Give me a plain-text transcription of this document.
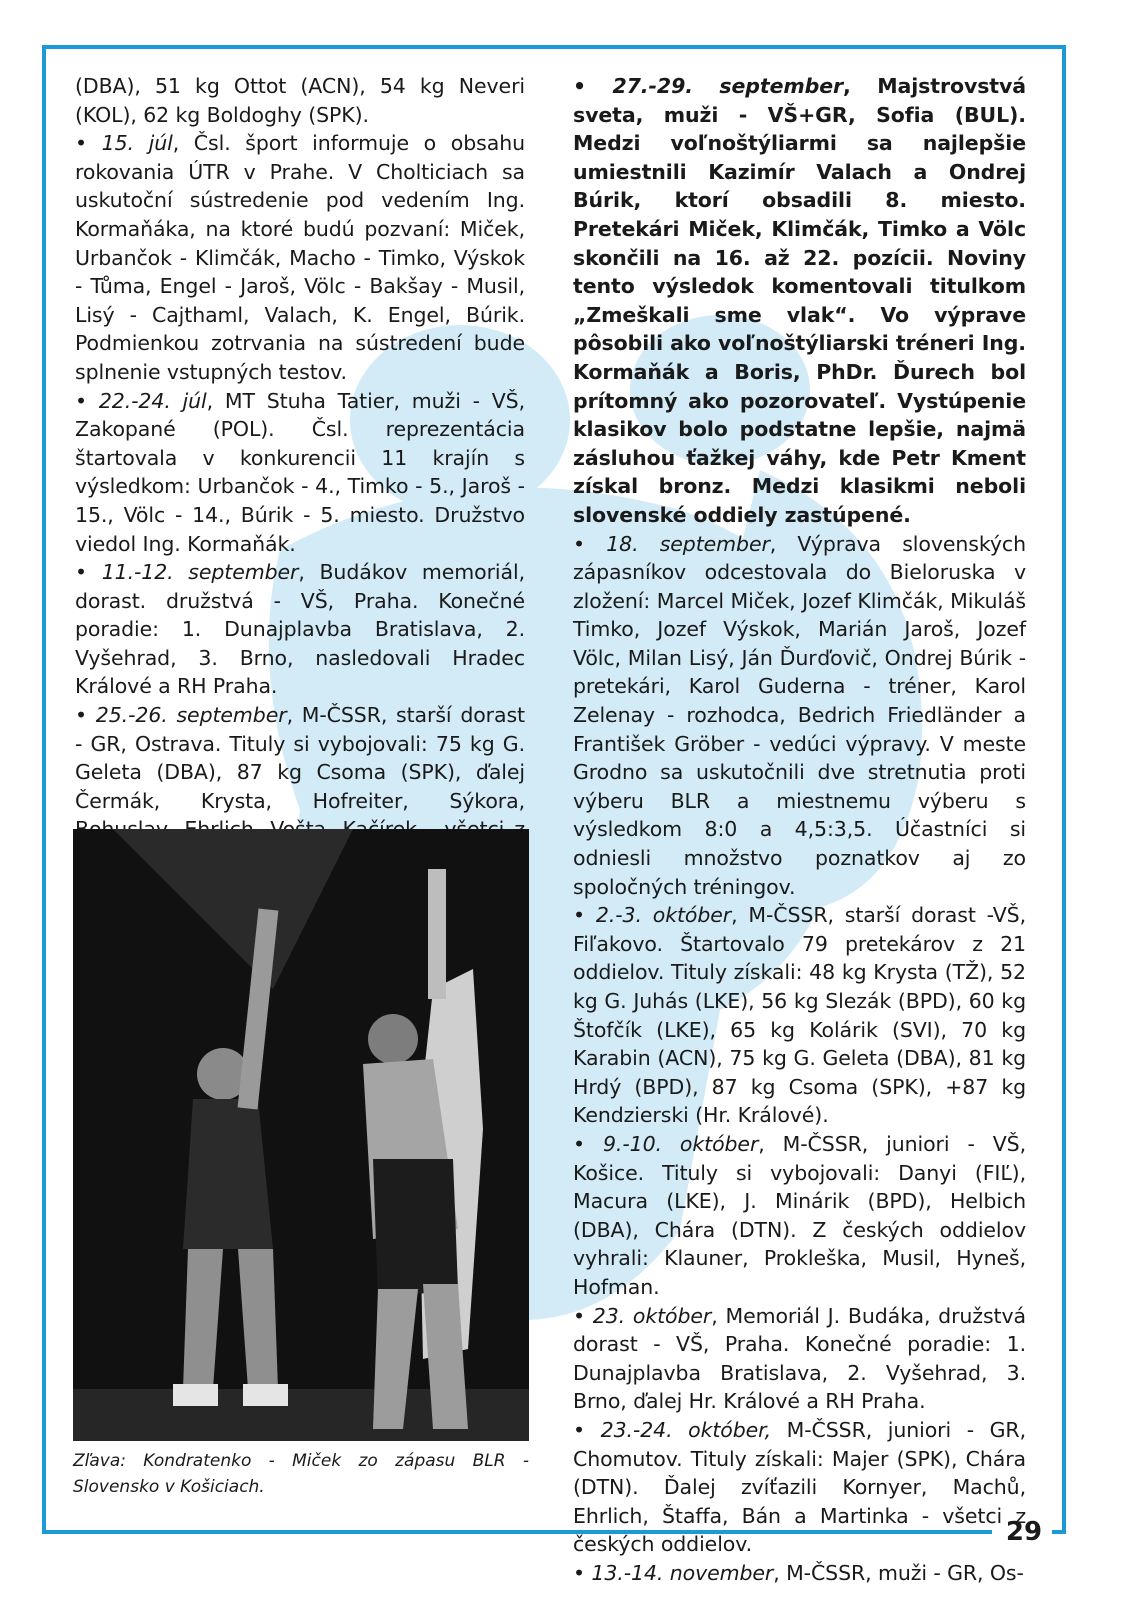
29

(DBA), 51 kg Ottot (ACN), 54 kg Neveri (KOL), 62 kg Boldoghy (SPK).

• 15. júl, Čsl. šport informuje o obsahu rokovania ÚTR v Prahe. V Cholticiach sa uskutoční sústredenie pod vedením Ing. Kormaňáka, na ktoré budú pozvaní: Miček, Urbančok - Klimčák, Macho - Timko, Výskok - Tůma, Engel - Jaroš, Völc - Bakšay - Musil, Lisý - Cajthaml, Valach, K. Engel, Búrik. Podmienkou zotrvania na sústredení bude splnenie vstupných testov.

• 22.-24. júl, MT Stuha Tatier, muži - VŠ, Zakopané (POL). Čsl. reprezentácia štartovala v konkurencii 11 krajín s výsledkom: Urbančok - 4., Timko - 5., Jaroš - 15., Völc - 14., Búrik - 5. miesto. Družstvo viedol Ing. Kormaňák.

• 11.-12. september, Budákov memoriál, dorast. družstvá - VŠ, Praha. Konečné poradie: 1. Dunajplavba Bratislava, 2. Vyšehrad, 3. Brno, nasledovali Hradec Králové a RH Praha.

• 25.-26. september, M-ČSSR, starší dorast - GR, Ostrava. Tituly si vybojovali: 75 kg G. Geleta (DBA), 87 kg Csoma (SPK), ďalej Čermák, Krysta, Hofreiter, Sýkora,

Zľava: Kondratenko - Miček zo zápasu BLR - Slovensko v Košiciach.

• 27.-29. september, Majstrovstvá sveta, muži - VŠ+GR, Sofia (BUL). Medzi voľnoštýliarmi sa najlepšie umiestnili Kazimír Valach a Ondrej Búrik, ktorí obsadili 8. miesto. Pretekári Miček, Klimčák, Timko a Völc skončili na 16. až 22. pozícii. Noviny tento výsledok komentovali titulkom „Zmeškali sme vlak“. Vo výprave pôsobili ako voľnoštýliarski tréneri Ing. Kormaňák a Boris, PhDr. Ďurech bol prítomný ako pozorovateľ. Vystúpenie klasikov bolo podstatne lepšie, najmä zásluhou ťažkej váhy, kde Petr Kment získal bronz. Medzi klasikmi neboli slovenské oddiely zastúpené.

• 18. september, Výprava slovenských zápasníkov odcestovala do Bieloruska v zložení: Marcel Miček, Jozef Klimčák, Mikuláš Timko, Jozef Výskok, Marián Jaroš, Jozef Völc, Milan Lisý, Ján Ďurďovič, Ondrej Búrik - pretekári, Karol Guderna - tréner, Karol Zelenay - rozhodca, Bedrich Friedländer a František Gröber - vedúci výpravy. V meste Grodno sa uskutočnili dve stretnutia proti výberu BLR a miestnemu výberu s výsledkom 8:0 a 4,5:3,5. Účastníci si odniesli množstvo poznatkov aj zo spoločných tréningov.

• 2.-3. október, M-ČSSR, starší dorast -VŠ, Fiľakovo. Štartovalo 79 pretekárov z 21 oddielov. Tituly získali: 48 kg Krysta (TŽ), 52 kg G. Juhás (LKE), 56 kg Slezák (BPD), 60 kg Štofčík (LKE), 65 kg Kolárik (SVI), 70 kg Karabin (ACN), 75 kg G. Geleta (DBA), 81 kg Hrdý (BPD), 87 kg Csoma (SPK), +87 kg Kendzierski (Hr. Králové).

• 9.-10. október, M-ČSSR, juniori - VŠ, Košice. Tituly si vybojovali: Danyi (FIĽ), Macura (LKE), J. Minárik (BPD), Helbich (DBA), Chára (DTN). Z českých oddielov vyhrali: Klauner, Prokleška, Musil, Hyneš, Hofman.

• 23. október, Memoriál J. Budáka, družstvá dorast - VŠ, Praha. Konečné poradie: 1. Dunajplavba Bratislava, 2. Vyšehrad, 3. Brno, ďalej Hr. Králové a RH Praha.

• 23.-24. október, M-ČSSR, juniori - GR, Chomutov. Tituly získali: Majer (SPK), Chára (DTN). Ďalej zvíťazili Kornyer, Machů, Ehrlich, Štaffa, Bán a Martinka - všetci z českých oddielov.

• 13.-14. november, M-ČSSR, muži - GR, Os-
